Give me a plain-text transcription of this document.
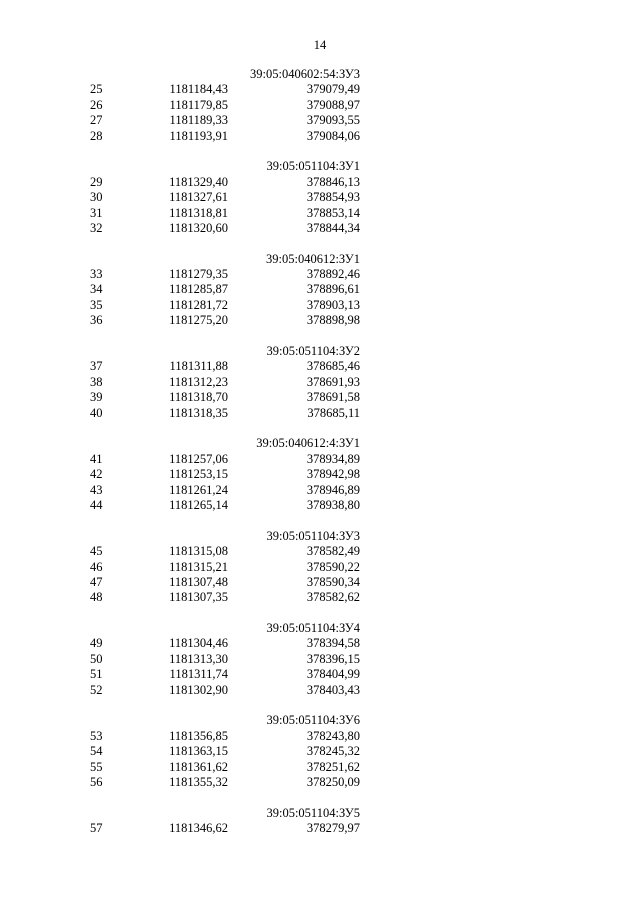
14
39:05:040602:54:ЗУ3
25	1181184,43	379079,49
26	1181179,85	379088,97
27	1181189,33	379093,55
28	1181193,91	379084,06
39:05:051104:ЗУ1
29	1181329,40	378846,13
30	1181327,61	378854,93
31	1181318,81	378853,14
32	1181320,60	378844,34
39:05:040612:ЗУ1
33	1181279,35	378892,46
34	1181285,87	378896,61
35	1181281,72	378903,13
36	1181275,20	378898,98
39:05:051104:ЗУ2
37	1181311,88	378685,46
38	1181312,23	378691,93
39	1181318,70	378691,58
40	1181318,35	378685,11
39:05:040612:4:ЗУ1
41	1181257,06	378934,89
42	1181253,15	378942,98
43	1181261,24	378946,89
44	1181265,14	378938,80
39:05:051104:ЗУ3
45	1181315,08	378582,49
46	1181315,21	378590,22
47	1181307,48	378590,34
48	1181307,35	378582,62
39:05:051104:ЗУ4
49	1181304,46	378394,58
50	1181313,30	378396,15
51	1181311,74	378404,99
52	1181302,90	378403,43
39:05:051104:ЗУ6
53	1181356,85	378243,80
54	1181363,15	378245,32
55	1181361,62	378251,62
56	1181355,32	378250,09
39:05:051104:ЗУ5
57	1181346,62	378279,97
